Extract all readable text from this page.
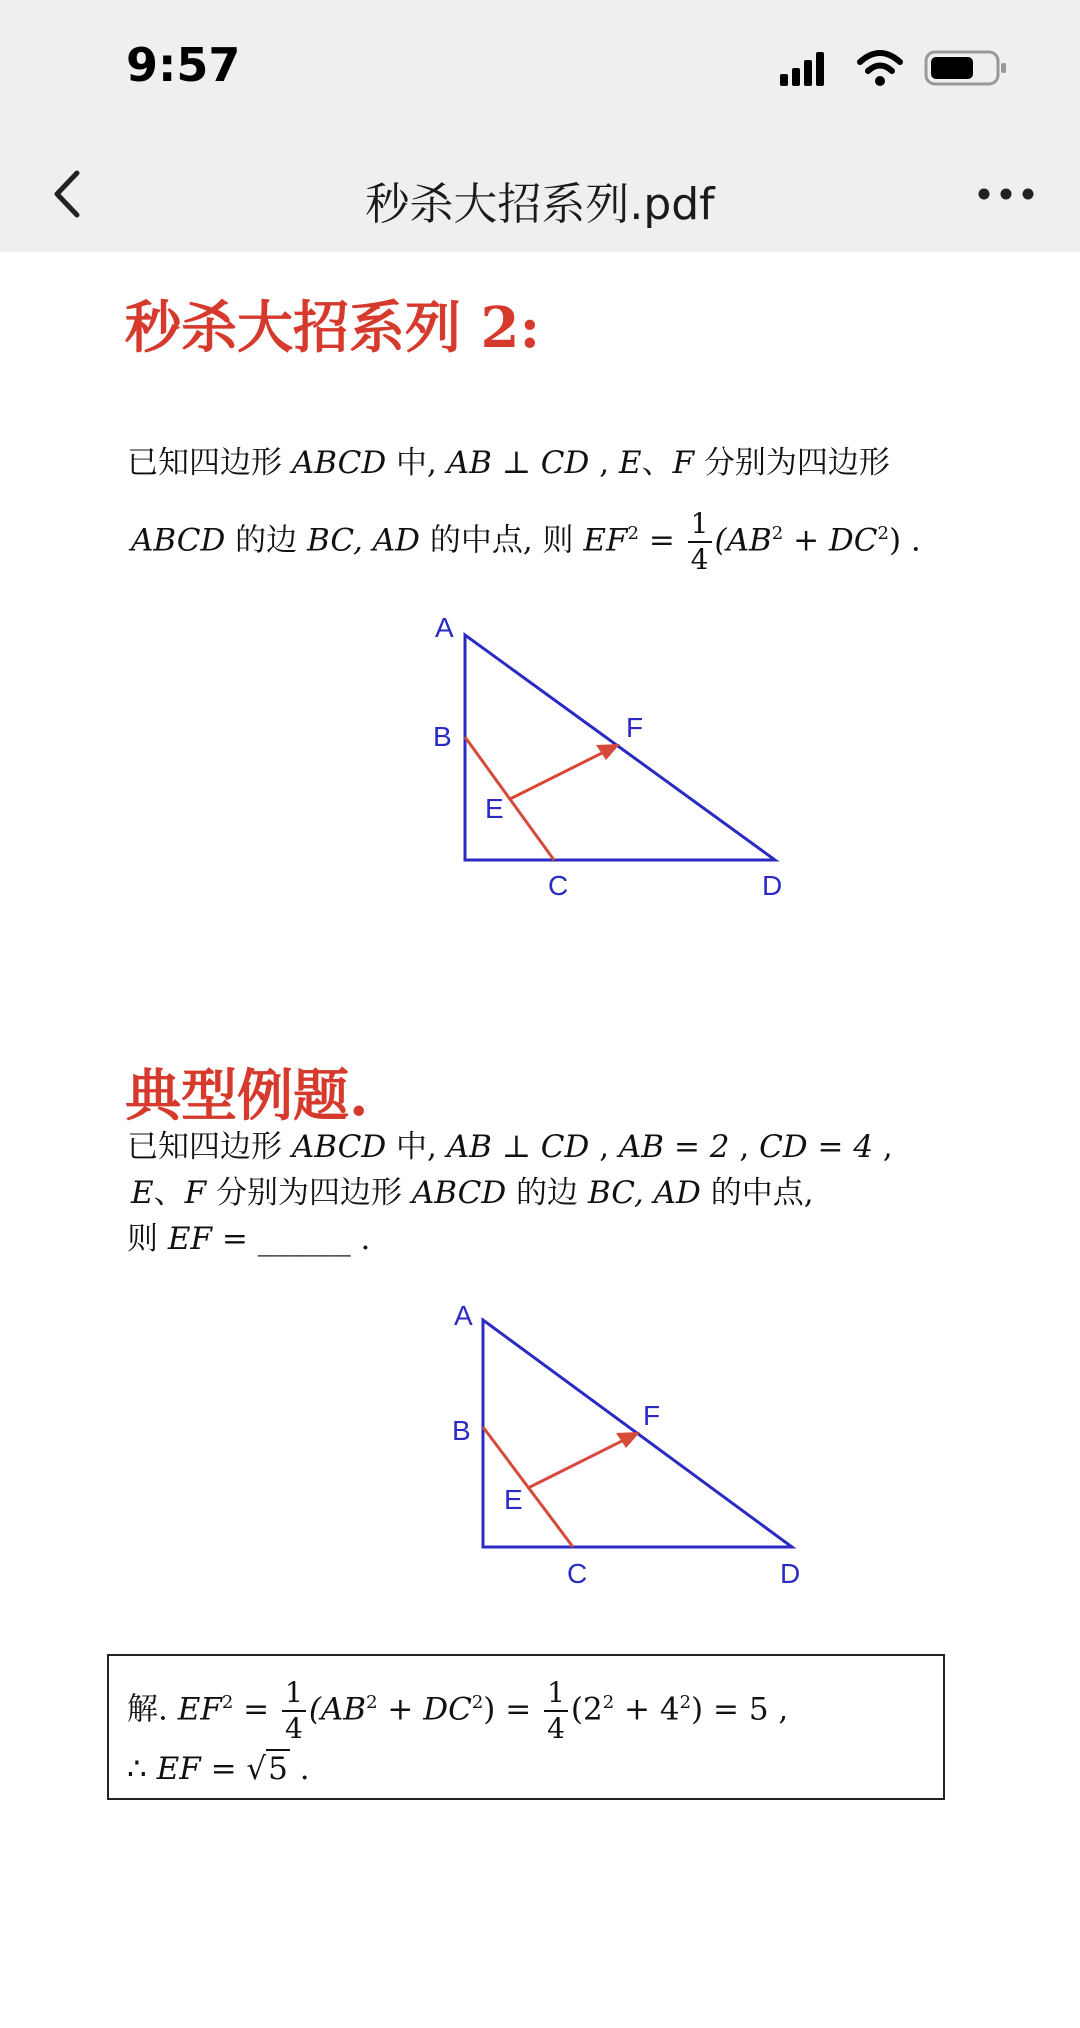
9:57
秒杀大招系列.pdf
秒杀大招系列 2:
已知四边形 ABCD 中, AB ⊥ CD , E、F 分别为四边形
ABCD 的边 BC, AD 的中点, 则 $EF^2 = \frac{1}{4} (AB^2 + DC^2)$ .
A
B
E
F
C	D
典型例题.
已知四边形 ABCD 中, AB ⊥ CD , AB = 2 , CD = 4 ,
E、F 分别为四边形 ABCD 的边 BC, AD 的中点,
则 EF = ______ .
A
B
E
F
C	D
解. $EF^2 = \frac{1}{4} (AB^2 + DC^2) = \frac{1}{4} (2^2 + 4^2) = 5$ ,
∴ EF = √5 .
